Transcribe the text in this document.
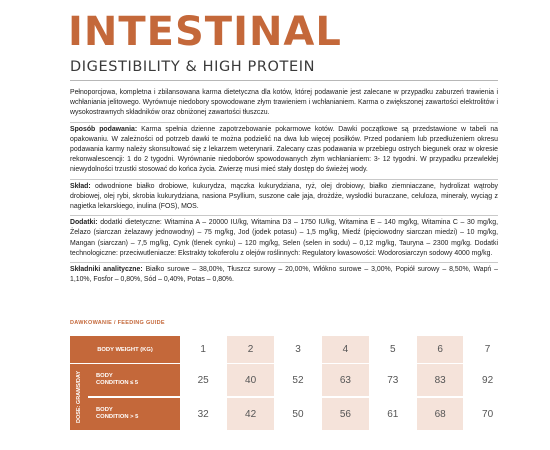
INTESTINAL
DIGESTIBILITY & HIGH PROTEIN

Pełnoporcjowa, kompletna i zbilansowana karma dietetyczna dla kotów, której podawanie jest zalecane w przypadku zaburzeń trawienia i wchłaniania jelitowego. Wyrównuje niedobory spowodowane złym trawieniem i wchłanianiem. Karma o zwiększonej zawartości elektrolitów i wysokostrawnych składników oraz obniżonej zawartości tłuszczu.

Sposób podawania: Karma spełnia dzienne zapotrzebowanie pokarmowe kotów. Dawki początkowe są przedstawione w tabeli na opakowaniu. W zależności od potrzeb dawki te można podzielić na dwa lub więcej posiłków. Przed podaniem lub przedłużeniem okresu podawania karmy należy skonsultować się z lekarzem weterynarii. Zalecany czas podawania w przebiegu ostrych biegunek oraz w okresie rekonwalescencji: 1 do 2 tygodni. Wyrównanie niedoborów spowodowanych złym wchłanianiem: 3- 12 tygodni. W przypadku przewlekłej niewydolności trzustki stosować do końca życia. Zwierzę musi mieć stały dostęp do świeżej wody.

Skład: odwodnione białko drobiowe, kukurydza, mączka kukurydziana, ryż, olej drobiowy, białko ziemniaczane, hydrolizat wątroby drobiowej, olej rybi, skrobia kukurydziana, nasiona Psyllium, suszone całe jaja, drożdże, wysłodki buraczane, celuloza, minerały, wyciąg z nagietka lekarskiego, inulina (FOS), MOS.

Dodatki: dodatki dietetyczne: Witamina A – 20000 IU/kg, Witamina D3 – 1750 IU/kg, Witamina E – 140 mg/kg, Witamina C – 30 mg/kg, Żelazo (siarczan żelazawy jednowodny) – 75 mg/kg, Jod (jodek potasu) – 1,5 mg/kg, Miedź (pięciowodny siarczan miedzi) – 10 mg/kg, Mangan (siarczan) – 7,5 mg/kg, Cynk (tlenek cynku) – 120 mg/kg, Selen (selen in sodu) – 0,12 mg/kg, Tauryna – 2300 mg/kg. Dodatki technologiczne: przeciwutleniacze: Ekstrakty tokoferolu z olejów roślinnych: Regulatory kwasowości: Wodorosiarczyn sodowy 4000 mg/kg.

Składniki analityczne: Białko surowe – 38,00%, Tłuszcz surowy – 20,00%, Włókno surowe – 3,00%, Popiół surowy – 8,50%, Wapń – 1,10%, Fosfor – 0,80%, Sód – 0,40%, Potas – 0,80%.

DAWKOWANIE / FEEDING GUIDE
DOSE: GRAMS/DAY
BODY WEIGHT (KG)	1	2	3	4	5	6	7
BODY
CONDITION ≤ 5	25	40	52	63	73	83	92
BODY
CONDITION > 5	32	42	50	56	61	68	70
